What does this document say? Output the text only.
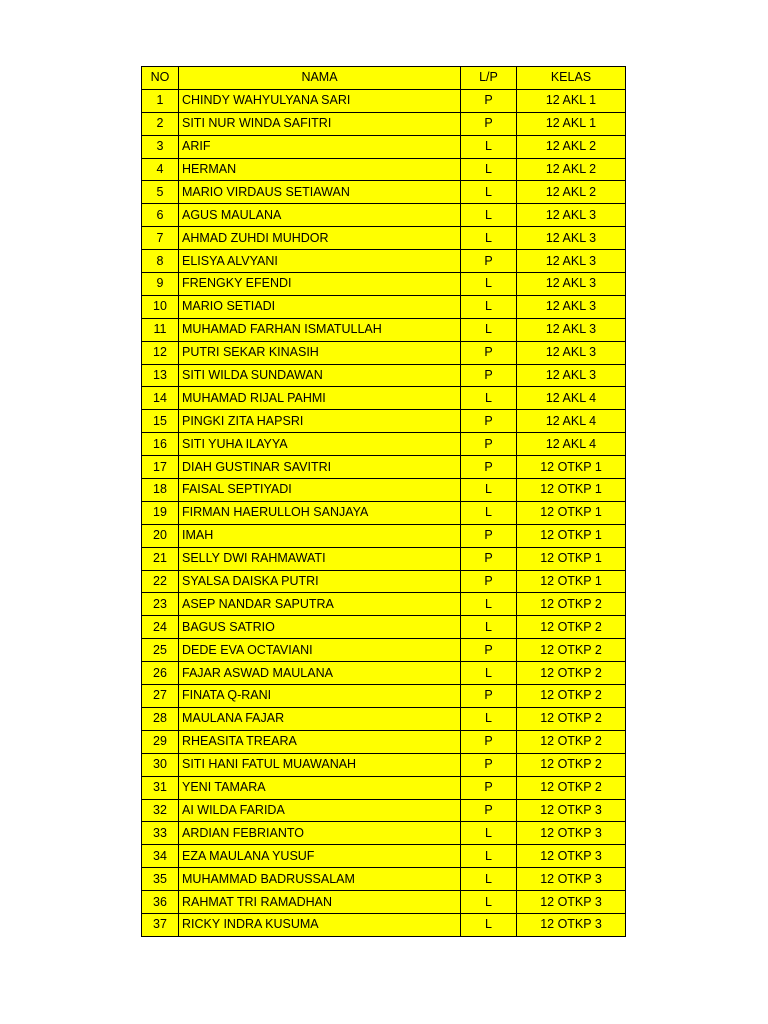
NO	NAMA	L/P	KELAS
1	CHINDY WAHYULYANA SARI	P	12 AKL 1
2	SITI NUR WINDA SAFITRI	P	12 AKL 1
3	ARIF	L	12 AKL 2
4	HERMAN	L	12 AKL 2
5	MARIO VIRDAUS SETIAWAN	L	12 AKL 2
6	AGUS MAULANA	L	12 AKL 3
7	AHMAD ZUHDI MUHDOR	L	12 AKL 3
8	ELISYA ALVYANI	P	12 AKL 3
9	FRENGKY EFENDI	L	12 AKL 3
10	MARIO SETIADI	L	12 AKL 3
11	MUHAMAD FARHAN ISMATULLAH	L	12 AKL 3
12	PUTRI SEKAR KINASIH	P	12 AKL 3
13	SITI WILDA SUNDAWAN	P	12 AKL 3
14	MUHAMAD RIJAL PAHMI	L	12 AKL 4
15	PINGKI ZITA HAPSRI	P	12 AKL 4
16	SITI YUHA ILAYYA	P	12 AKL 4
17	DIAH GUSTINAR SAVITRI	P	12 OTKP 1
18	FAISAL SEPTIYADI	L	12 OTKP 1
19	FIRMAN HAERULLOH SANJAYA	L	12 OTKP 1
20	IMAH	P	12 OTKP 1
21	SELLY DWI RAHMAWATI	P	12 OTKP 1
22	SYALSA DAISKA PUTRI	P	12 OTKP 1
23	ASEP NANDAR SAPUTRA	L	12 OTKP 2
24	BAGUS SATRIO	L	12 OTKP 2
25	DEDE EVA OCTAVIANI	P	12 OTKP 2
26	FAJAR ASWAD MAULANA	L	12 OTKP 2
27	FINATA Q-RANI	P	12 OTKP 2
28	MAULANA FAJAR	L	12 OTKP 2
29	RHEASITA TREARA	P	12 OTKP 2
30	SITI HANI FATUL MUAWANAH	P	12 OTKP 2
31	YENI TAMARA	P	12 OTKP 2
32	AI WILDA FARIDA	P	12 OTKP 3
33	ARDIAN FEBRIANTO	L	12 OTKP 3
34	EZA MAULANA YUSUF	L	12 OTKP 3
35	MUHAMMAD BADRUSSALAM	L	12 OTKP 3
36	RAHMAT TRI RAMADHAN	L	12 OTKP 3
37	RICKY INDRA KUSUMA	L	12 OTKP 3
